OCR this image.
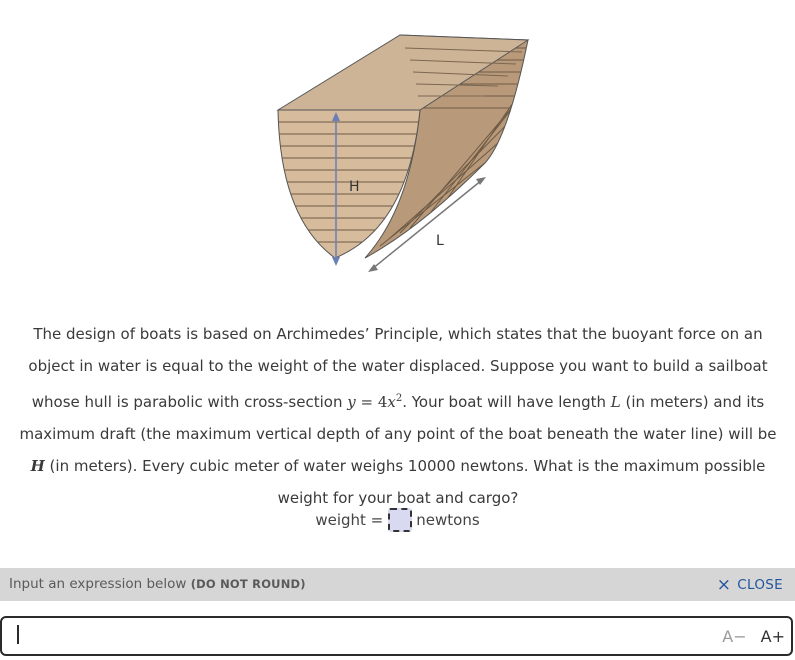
H
L
The design of boats is based on Archimedes’ Principle, which states that the buoyant force on an object in water is equal to the weight of the water displaced. Suppose you want to build a sailboat whose hull is parabolic with cross-section $y = 4x^2$. Your boat will have length L (in meters) and its maximum draft (the maximum vertical depth of any point of the boat beneath the water line) will be H (in meters). Every cubic meter of water weighs 10000 newtons. What is the maximum possible weight for your boat and cargo?
weight = newtons
Input an expression below (DO NOT ROUND)	× CLOSE
A− A+
